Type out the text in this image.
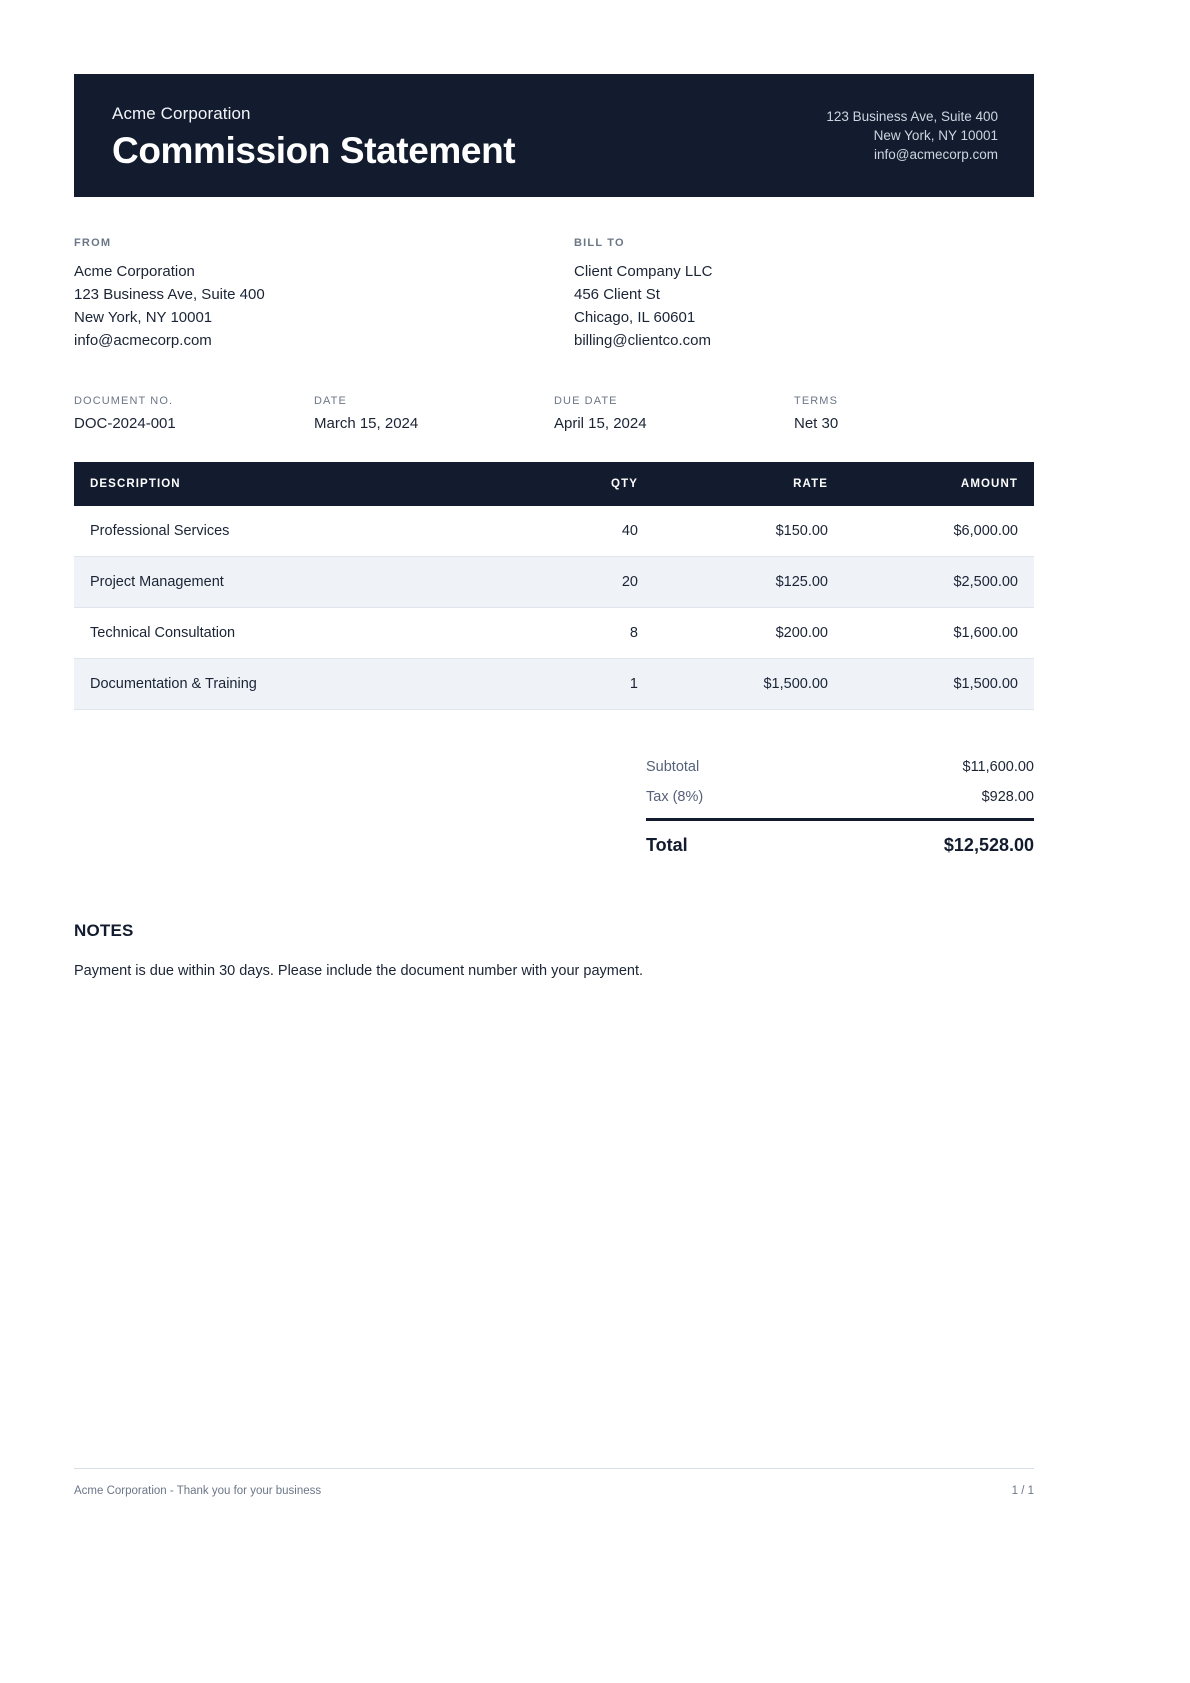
Acme Corporation
Commission Statement
123 Business Ave, Suite 400
New York, NY 10001
info@acmecorp.com
FROM
Acme Corporation
123 Business Ave, Suite 400
New York, NY 10001
info@acmecorp.com
BILL TO
Client Company LLC
456 Client St
Chicago, IL 60601
billing@clientco.com
DOCUMENT NO.
DOC-2024-001
DATE
March 15, 2024
DUE DATE
April 15, 2024
TERMS
Net 30
DESCRIPTION	QTY	RATE	AMOUNT
Professional Services	40	$150.00	$6,000.00
Project Management	20	$125.00	$2,500.00
Technical Consultation	8	$200.00	$1,600.00
Documentation & Training	1	$1,500.00	$1,500.00
Subtotal	$11,600.00
Tax (8%)	$928.00
Total	$12,528.00
NOTES
Payment is due within 30 days. Please include the document number with your payment.
Acme Corporation - Thank you for your business	1 / 1
